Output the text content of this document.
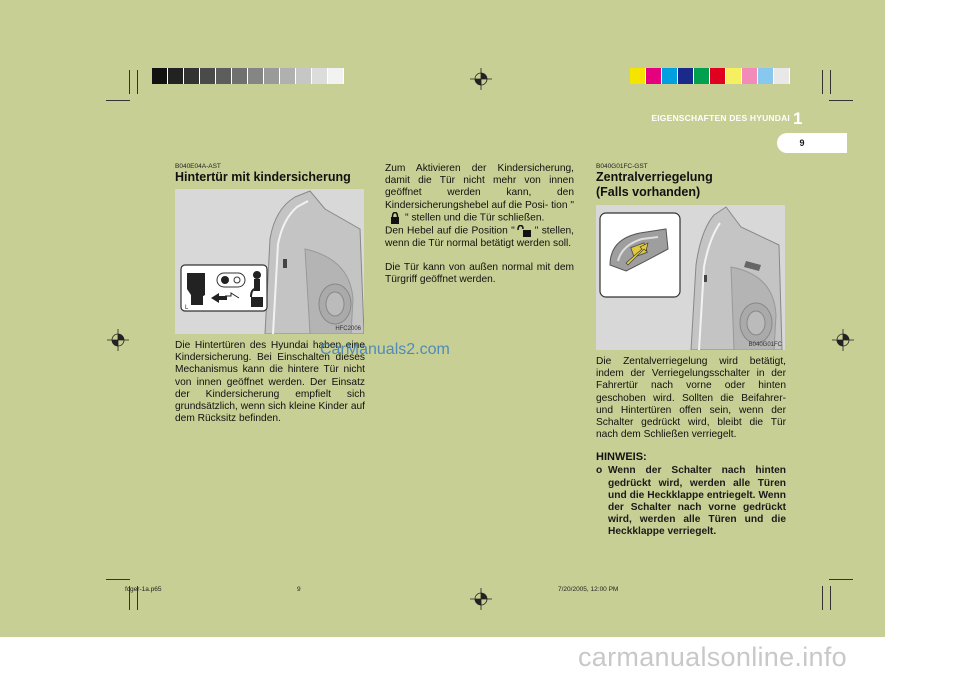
EIGENSCHAFTEN DES HYUNDAI 1
9
B040E04A-AST
Hintertür mit kindersicherung
HFC2006
L
Die Hintertüren des Hyundai haben eine Kindersicherung. Bei Einschalten dieses Mechanismus kann die hintere Tür nicht von innen geöffnet werden. Der Einsatz der Kindersicherung empfielt sich grundsätzlich, wenn sich kleine Kinder auf dem Rücksitz befinden.
Zum Aktivieren der Kindersicherung, damit die Tür nicht mehr von innen geöffnet werden kann, den Kindersicherungshebel auf die Posi- tion "" stellen und die Tür schließen.
Den Hebel auf die Position " " stellen, wenn die Tür normal betätigt werden soll.
Die Tür kann von außen normal mit dem Türgriff geöffnet werden.
B040G01FC-GST
Zentralverriegelung
(Falls vorhanden)
B040G01FC
Die Zentalverriegelung wird betätigt, indem der Verriegelungsschalter in der Fahrertür nach vorne oder hinten geschoben wird. Sollten die Beifahrer- und Hintertüren offen sein, wenn der Schalter gedrückt wird, bleibt die Tür nach dem Schließen verriegelt.
HINWEIS:
o Wenn der Schalter nach hinten gedrückt wird, werden alle Türen und die Heckklappe entriegelt. Wenn der Schalter nach vorne gedrückt wird, werden alle Türen und die Heckklappe verriegelt.
CarManuals2.com
fcger-1a.p65	9	7/20/2005, 12:00 PM
carmanualsonline.info
